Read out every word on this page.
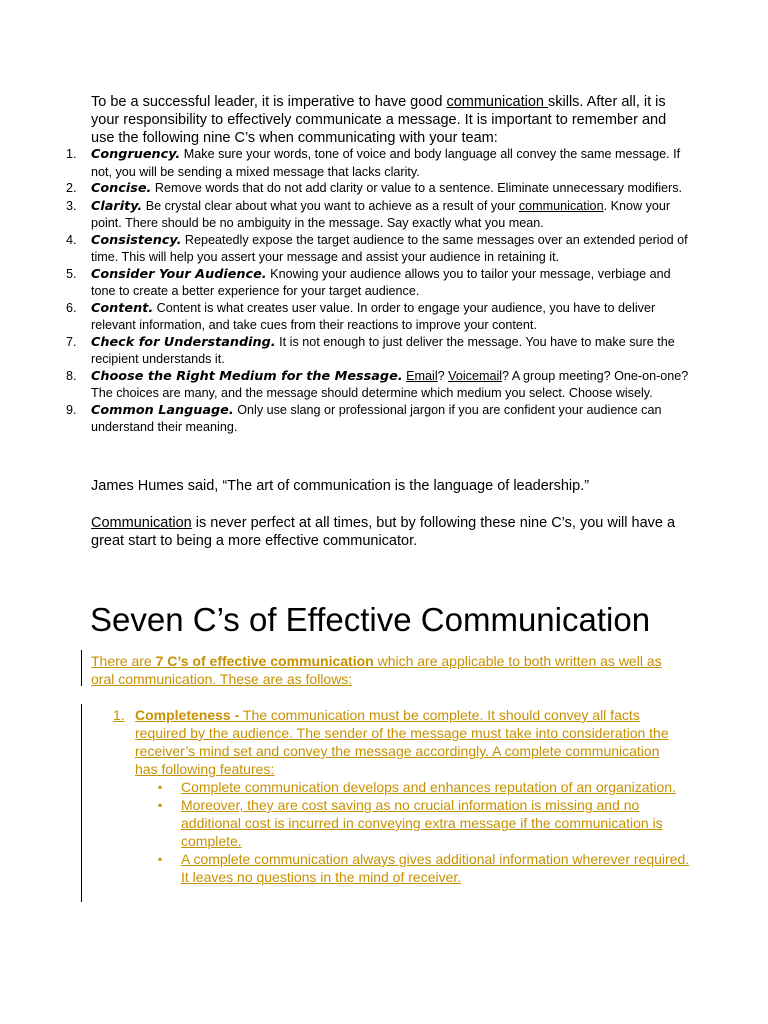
To be a successful leader, it is imperative to have good communication skills. After all, it is your responsibility to effectively communicate a message. It is important to remember and use the following nine C’s when communicating with your team:

1. Congruency. Make sure your words, tone of voice and body language all convey the same message. If not, you will be sending a mixed message that lacks clarity.
2. Concise. Remove words that do not add clarity or value to a sentence. Eliminate unnecessary modifiers.
3. Clarity. Be crystal clear about what you want to achieve as a result of your communication. Know your point. There should be no ambiguity in the message. Say exactly what you mean.
4. Consistency. Repeatedly expose the target audience to the same messages over an extended period of time. This will help you assert your message and assist your audience in retaining it.
5. Consider Your Audience. Knowing your audience allows you to tailor your message, verbiage and tone to create a better experience for your target audience.
6. Content. Content is what creates user value. In order to engage your audience, you have to deliver relevant information, and take cues from their reactions to improve your content.
7. Check for Understanding. It is not enough to just deliver the message. You have to make sure the recipient understands it.
8. Choose the Right Medium for the Message. Email? Voicemail? A group meeting? One-on-one? The choices are many, and the message should determine which medium you select. Choose wisely.
9. Common Language. Only use slang or professional jargon if you are confident your audience can understand their meaning.

James Humes said, “The art of communication is the language of leadership.”

Communication is never perfect at all times, but by following these nine C’s, you will have a great start to being a more effective communicator.

Seven C’s of Effective Communication

There are 7 C’s of effective communication which are applicable to both written as well as oral communication. These are as follows:

1. Completeness - The communication must be complete. It should convey all facts required by the audience. The sender of the message must take into consideration the receiver’s mind set and convey the message accordingly. A complete communication has following features:
▪ Complete communication develops and enhances reputation of an organization.
▪ Moreover, they are cost saving as no crucial information is missing and no additional cost is incurred in conveying extra message if the communication is complete.
▪ A complete communication always gives additional information wherever required. It leaves no questions in the mind of receiver.
